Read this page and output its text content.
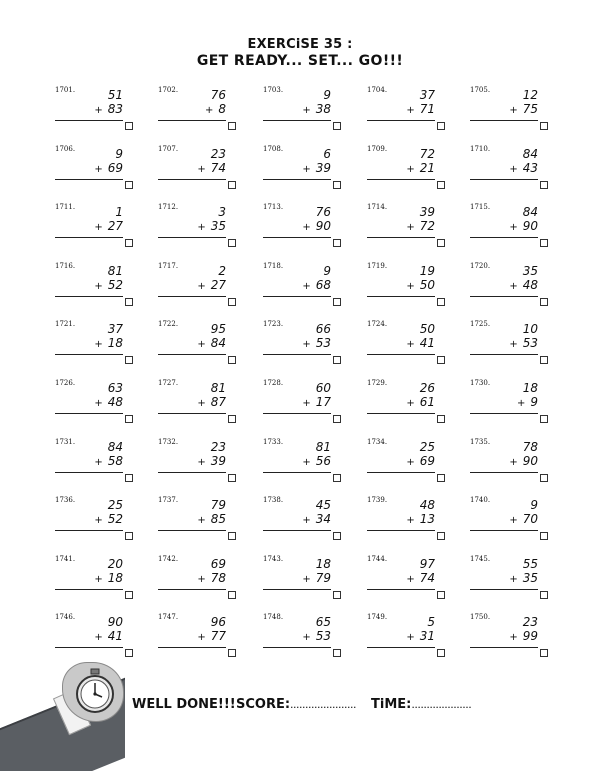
EXERCiSE 35 :
GET READY... SET... GO!!!
1701.	51
+ 83
1702.	76
+ 8
1703.	9
+ 38
1704.	37
+ 71
1705.	12
+ 75
1706.	9
+ 69
1707.	23
+ 74
1708.	6
+ 39
1709.	72
+ 21
1710.	84
+ 43
1711.	1
+ 27
1712.	3
+ 35
1713.	76
+ 90
1714.	39
+ 72
1715.	84
+ 90
1716.	81
+ 52
1717.	2
+ 27
1718.	9
+ 68
1719.	19
+ 50
1720.	35
+ 48
1721.	37
+ 18
1722.	95
+ 84
1723.	66
+ 53
1724.	50
+ 41
1725.	10
+ 53
1726.	63
+ 48
1727.	81
+ 87
1728.	60
+ 17
1729.	26
+ 61
1730.	18
+ 9
1731.	84
+ 58
1732.	23
+ 39
1733.	81
+ 56
1734.	25
+ 69
1735.	78
+ 90
1736.	25
+ 52
1737.	79
+ 85
1738.	45
+ 34
1739.	48
+ 13
1740.	9
+ 70
1741.	20
+ 18
1742.	69
+ 78
1743.	18
+ 79
1744.	97
+ 74
1745.	55
+ 35
1746.	90
+ 41
1747.	96
+ 77
1748.	65
+ 53
1749.	5
+ 31
1750.	23
+ 99
WELL DONE!!! SCORE:...................... TiME:....................
